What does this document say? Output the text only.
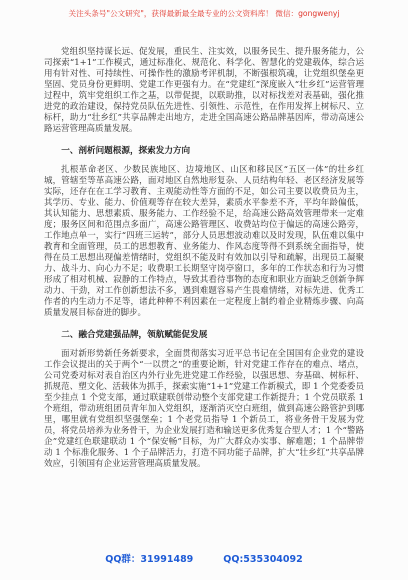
关注头条号"公文研究"，获得最新最全最专业的公文资料库！ 微信：gongwenyj

党组织坚持谋长远、促发展，重民生、注实效，以服务民生、提升服务能力，公司探索“1+1”工作模式，通过标准化、规范化、科学化、智慧化的党建载体，综合运用有针对性、可持续性、可操作性的激励考评机制，不断强根筑魂，让党组织堡垒更坚固、党员身份更鲜明、党建工作更强有力。在“党建红”深度嵌入“壮乡红”运营管理过程中，筑牢党组织工作之基，以带促提，以联助推，以对标找差对表基础，强化推进党的政治建设，保持党员队伍先进性、引领性、示范性，在作用发挥上树标尺、立标杆，助力“壮乡红”共享品牌走出地方，走进全国高速公路品牌基因库，带动高速公路运营管理高质量发展。

一、剖析问题根源，探索发力方向

扎根革命老区、少数民族地区、边境地区、山区和移民区“五区一体”的壮乡红城，管辖至等革高速公路，面对地区自然地形复杂、人员结构年轻、老区经济发展等实际，还存在在工学习教育、主观能动性等方面的不足，如公司主要以收费员为主，其学历、专业、能力、价值观等存在较大差异，素质水平参差不齐，平均年龄偏低，其认知能力、思想素质、服务能力、工作经验不足，给高速公路高效管理带来一定难度；服务区间和范围点多面广，高速公路管理区、收费站均位于偏远的高速公路旁，工作地点单一，实行“四班三运转”，部分人员思想波动难以及时发现，队伍难以集中教育和全面管理，员工的思想教育、业务能力、作风态度等得不到系统全面指导，使得在员工思想出现偏差情绪时，党组织不能及时有效加以引导和疏解，出现员工凝聚力、战斗力、向心力不足；收费职工长期坚守岗亭窗口，多年的工作状态和行为习惯形成了相对机械、寂静的工作特点，导致其看待事物的态度和职业方面缺乏创新争辉动力、干劲，对工作创新想法不多，遇到难题容易产生畏难情绪，对标先进、优秀工作者的内生动力不足等，诸此种种不利因素在一定程度上制约着企业精炼步骤、向高质量发展目标奋进的脚步。

二、融合党建强品牌，领航赋能促发展

面对新形势新任务新要求，全面贯彻落实习近平总书记在全国国有企业党的建设工作会议提出的关于两个“一以贯之”的重要论断，针对党建工作存在的难点、堵点，公司党委对标对表自治区内外行业先进党建工作经验，以强思想、夯基础、树标杆、抓规范、塑文化、活载体为抓手，探索实施“1+1”党建工作新模式，即 1 个党委委员至少挂点 1 个党支部，通过联建联创带动整个支部党建工作新提升；1 个党员联系 1 个班组，带动班组团员青年加入党组织，逐渐消灭空白班组，做到高速公路管护到哪里，哪里就有党组织坚强堡垒；1 个老党员指导 1 个新员工，将业务骨干发展为党员，将党员培养为业务骨干，为企业发展打造和输送更多优秀复合型人才；1 个“警路企”党建红色联建联动 1 个“保安畅”目标，为广大群众办实事、解难题；1 个品牌带动 1 个标准化服务、1 个子品牌活力，打造不同功能子品牌，扩大“壮乡红”共享品牌效应，引领国有企业运营管理高质量发展。

QQ群：31991489	QQ:535304092
